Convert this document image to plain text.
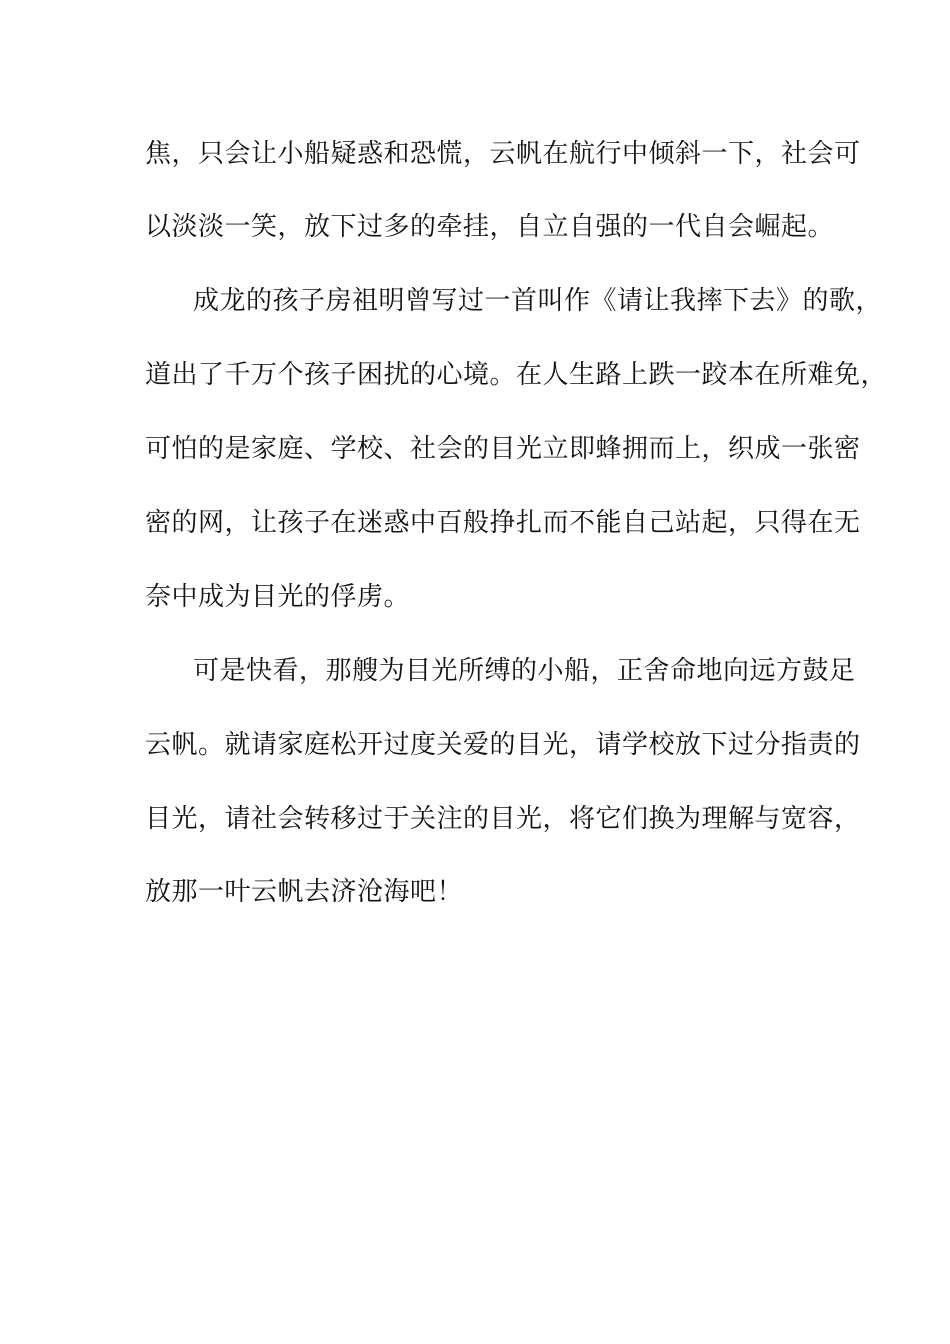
焦，只会让小船疑惑和恐慌，云帆在航行中倾斜一下，社会可
以淡淡一笑，放下过多的牵挂，自立自强的一代自会崛起。
成龙的孩子房祖明曾写过一首叫作《请让我摔下去》的歌，
道出了千万个孩子困扰的心境。在人生路上跌一跤本在所难免，
可怕的是家庭、学校、社会的目光立即蜂拥而上，织成一张密
密的网，让孩子在迷惑中百般挣扎而不能自己站起，只得在无
奈中成为目光的俘虏。
可是快看，那艘为目光所缚的小船，正舍命地向远方鼓足
云帆。就请家庭松开过度关爱的目光，请学校放下过分指责的
目光，请社会转移过于关注的目光，将它们换为理解与宽容，
放那一叶云帆去济沧海吧！
